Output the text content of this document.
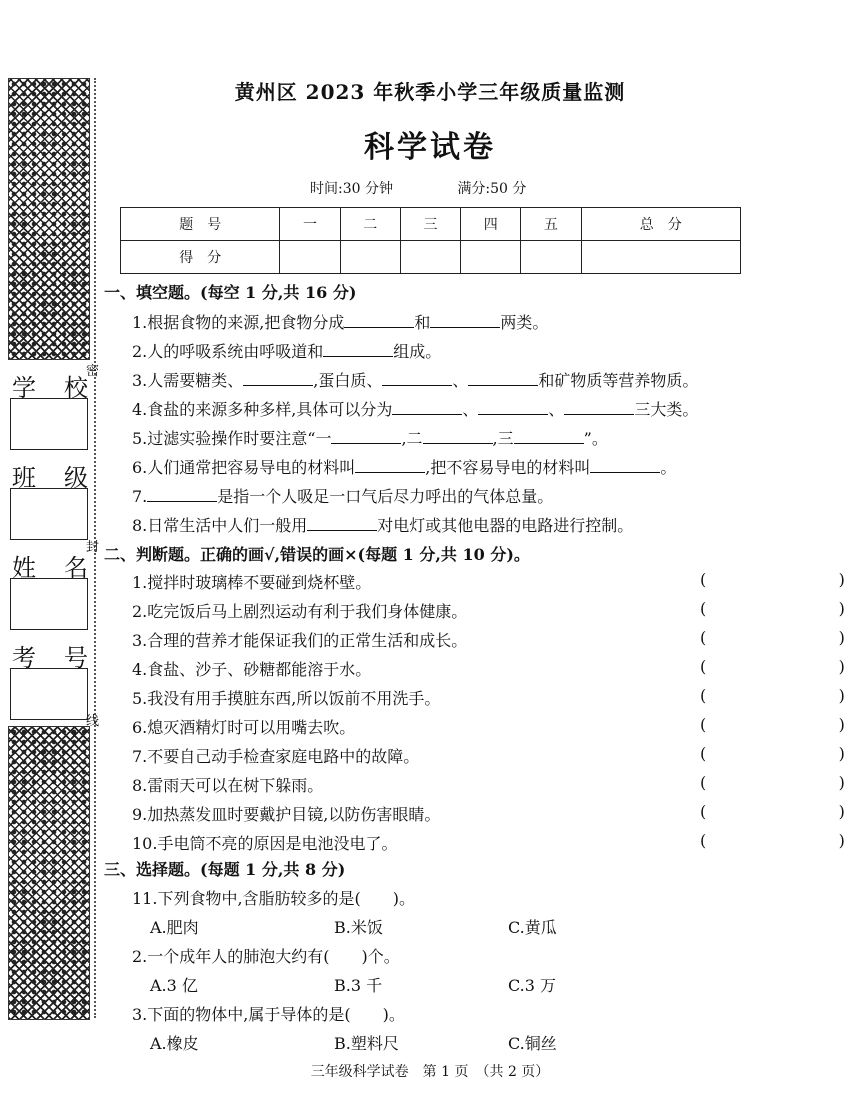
密
封
线
学 校
班 级
姓 名
考 号
黄州区 2023 年秋季小学三年级质量监测
科学试卷
时间:30 分钟	满分:50 分
题　号	一	二	三	四	五	总　分
得　分						
一、填空题。(每空 1 分,共 16 分)
1.根据食物的来源,把食物分成	和	两类。
2.人的呼吸系统由呼吸道和	组成。
3.人需要糖类、	,蛋白质、	、	和矿物质等营养物质。
4.食盐的来源多种多样,具体可以分为	、	、	三大类。
5.过滤实验操作时要注意“一	,二	,三	”。
6.人们通常把容易导电的材料叫	,把不容易导电的材料叫	。
7.	是指一个人吸足一口气后尽力呼出的气体总量。
8.日常生活中人们一般用	对电灯或其他电器的电路进行控制。
二、判断题。正确的画√,错误的画×(每题 1 分,共 10 分)。
1.搅拌时玻璃棒不要碰到烧杯壁。	(    )
2.吃完饭后马上剧烈运动有利于我们身体健康。	(    )
3.合理的营养才能保证我们的正常生活和成长。	(    )
4.食盐、沙子、砂糖都能溶于水。	(    )
5.我没有用手摸脏东西,所以饭前不用洗手。	(    )
6.熄灭酒精灯时可以用嘴去吹。	(    )
7.不要自己动手检查家庭电路中的故障。	(    )
8.雷雨天可以在树下躲雨。	(    )
9.加热蒸发皿时要戴护目镜,以防伤害眼睛。	(    )
10.手电筒不亮的原因是电池没电了。	(    )
三、选择题。(每题 1 分,共 8 分)
11.下列食物中,含脂肪较多的是(　　)。
A.肥肉	B.米饭	C.黄瓜
2.一个成年人的肺泡大约有(　　)个。
A.3 亿	B.3 千	C.3 万
3.下面的物体中,属于导体的是(　　)。
A.橡皮	B.塑料尺	C.铜丝
三年级科学试卷　第 1 页　（共 2 页）
